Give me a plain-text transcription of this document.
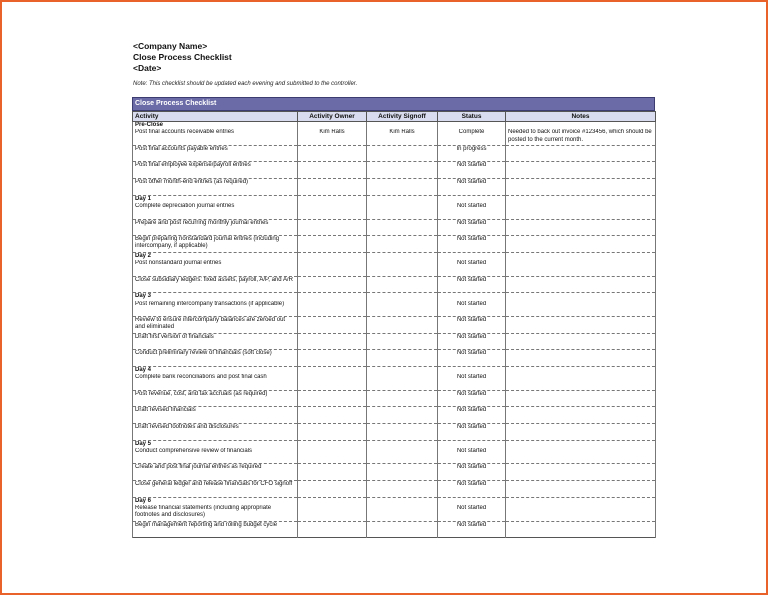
<Company Name>
Close Process Checklist
<Date>
Note: This checklist should be updated each evening and submitted to the controller.
Close Process Checklist
Activity	Activity Owner	Activity Signoff	Status	Notes
Pre-Close				
Post final accounts receivable entries	Kim Ralls	Kim Ralls	Complete	Needed to back out invoice #123456, which should be posted to the current month.
Post final accounts payable entries			In progress	
Post final employee expense/payroll entries			Not started	
Post other month-end entries (as required)			Not started	
Day 1				
Complete depreciation journal entries			Not started	
Prepare and post recurring monthly journal entries			Not started	
Begin preparing nonstandard journal entries (including intercompany, if applicable)			Not started	
Day 2				
Post nonstandard journal entries			Not started	
Close subsidiary ledgers: fixed assets, payroll, A/P, and A/R			Not started	
Day 3				
Post remaining intercompany transactions (if applicable)			Not started	
Review to ensure intercompany balances are zeroed out and eliminated			Not started	
Draft first version of financials			Not started	
Conduct preliminary review of financials (soft close)			Not started	
Day 4				
Complete bank reconciliations and post final cash			Not started	
Post revenue, cost, and tax accruals (as required)			Not started	
Draft revised financials			Not started	
Draft revised footnotes and disclosures			Not started	
Day 5				
Conduct comprehensive review of financials			Not started	
Create and post final journal entries as required			Not started	
Close general ledger and release financials for CFO signoff			Not started	
Day 6				
Release financial statements (including appropriate footnotes and disclosures)			Not started	
Begin management reporting and rolling budget cycle			Not started	
